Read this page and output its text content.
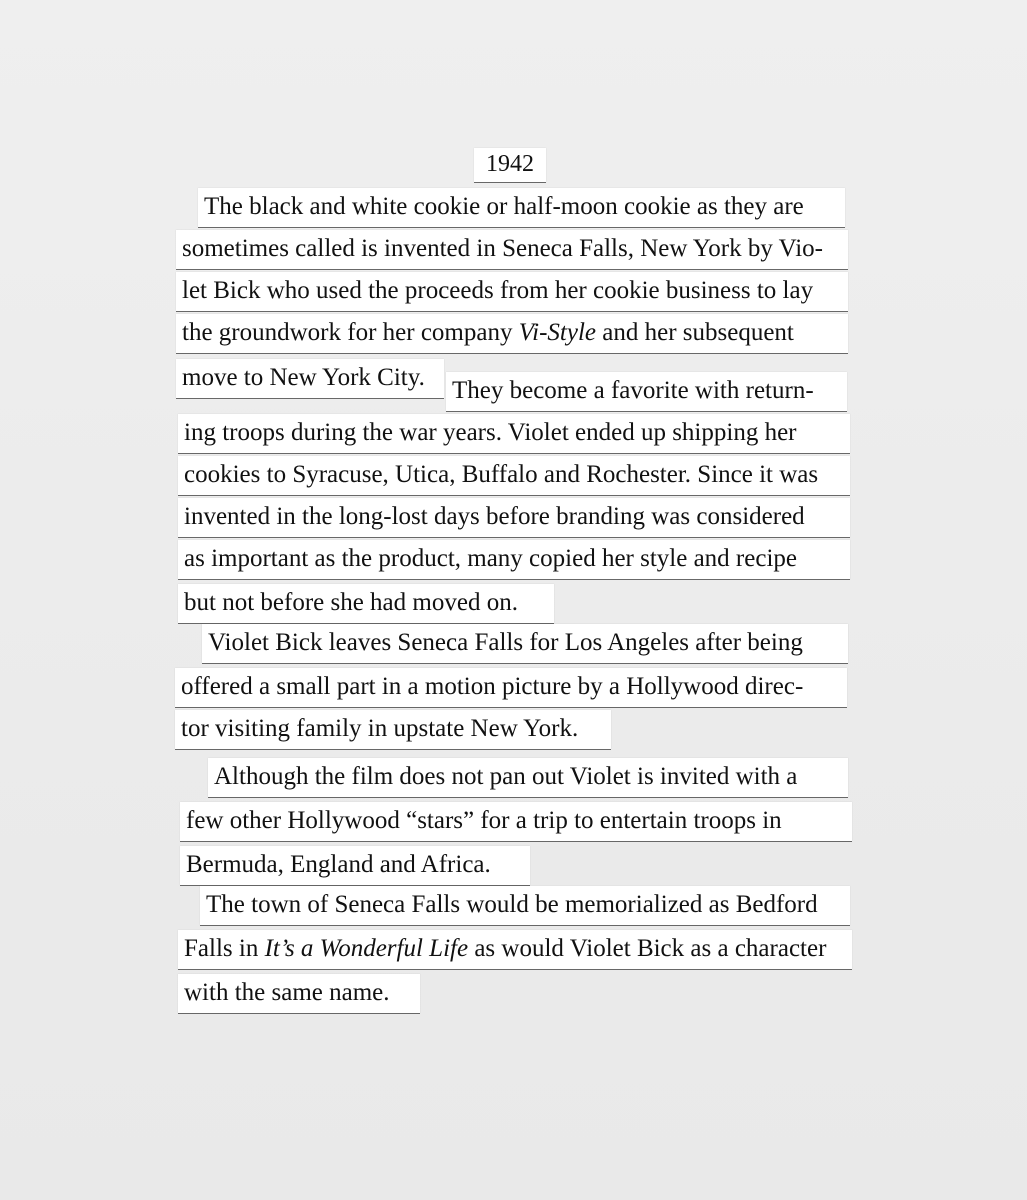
1942
The black and white cookie or half-moon cookie as they are
sometimes called is invented in Seneca Falls, New York by Vio-
let Bick who used the proceeds from her cookie business to lay
the groundwork for her company Vi-Style and her subsequent
move to New York City.	They become a favorite with return-
ing troops during the war years. Violet ended up shipping her
cookies to Syracuse, Utica, Buffalo and Rochester. Since it was
invented in the long-lost days before branding was considered
as important as the product, many copied her style and recipe
but not before she had moved on.
Violet Bick leaves Seneca Falls for Los Angeles after being
offered a small part in a motion picture by a Hollywood direc-
tor visiting family in upstate New York.
Although the film does not pan out Violet is invited with a
few other Hollywood “stars” for a trip to entertain troops in
Bermuda, England and Africa.
The town of Seneca Falls would be memorialized as Bedford
Falls in It’s a Wonderful Life as would Violet Bick as a character
with the same name.
